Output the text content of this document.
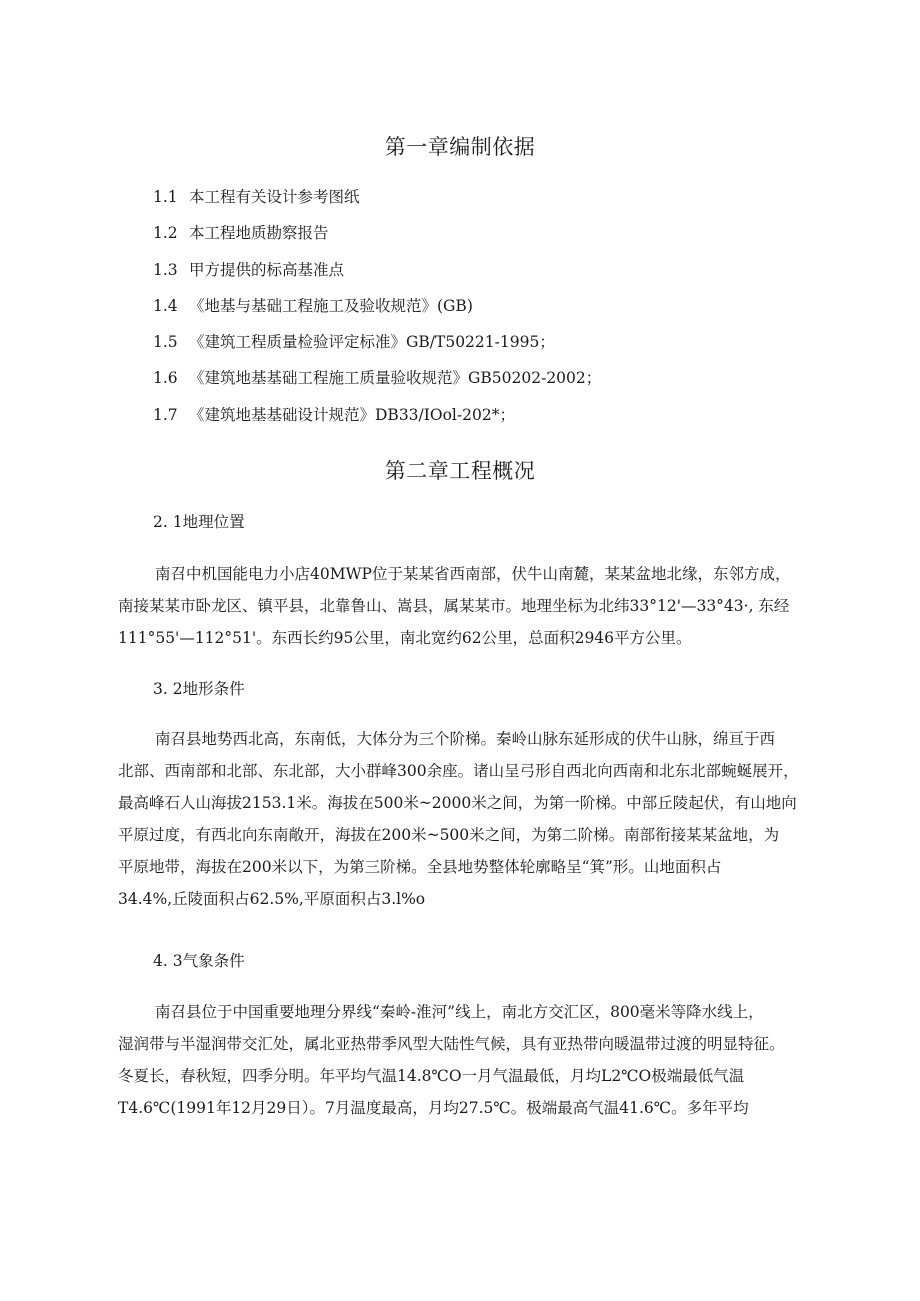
第一章编制依据
1.1 本工程有关设计参考图纸
1.2 本工程地质勘察报告
1.3 甲方提供的标高基准点
1.4 《地基与基础工程施工及验收规范》(GB)
1.5 《建筑工程质量检验评定标准》GB/T50221-1995；
1.6 《建筑地基基础工程施工质量验收规范》GB50202-2002；
1.7 《建筑地基基础设计规范》DB33/IOol-202*；
第二章工程概况
2. 1地理位置
南召中机国能电力小店40MWP位于某某省西南部，伏牛山南麓，某某盆地北缘，东邻方成，
南接某某市卧龙区、镇平县，北靠鲁山、嵩县，属某某市。地理坐标为北纬33°12'—33°43·, 东经
111°55'—112°51'。东西长约95公里，南北宽约62公里，总面积2946平方公里。
3. 2地形条件
南召县地势西北高，东南低，大体分为三个阶梯。秦岭山脉东延形成的伏牛山脉，绵亘于西
北部、西南部和北部、东北部，大小群峰300余座。诸山呈弓形自西北向西南和北东北部蜿蜒展开，
最高峰石人山海拔2153.1米。海拔在500米~2000米之间，为第一阶梯。中部丘陵起伏，有山地向
平原过度，有西北向东南敞开，海拔在200米~500米之间，为第二阶梯。南部衔接某某盆地，为
平原地带，海拔在200米以下，为第三阶梯。全县地势整体轮廓略呈“箕”形。山地面积占
34.4%,丘陵面积占62.5%,平原面积占3.l%o
4. 3气象条件
南召县位于中国重要地理分界线“秦岭-淮河”线上，南北方交汇区，800毫米等降水线上，
湿润带与半湿润带交汇处，属北亚热带季风型大陆性气候，具有亚热带向暖温带过渡的明显特征。
冬夏长，春秋短，四季分明。年平均气温14.8℃O一月气温最低，月均L2℃O极端最低气温
T4.6℃(1991年12月29日）。7月温度最高，月均27.5℃。极端最高气温41.6℃。多年平均
